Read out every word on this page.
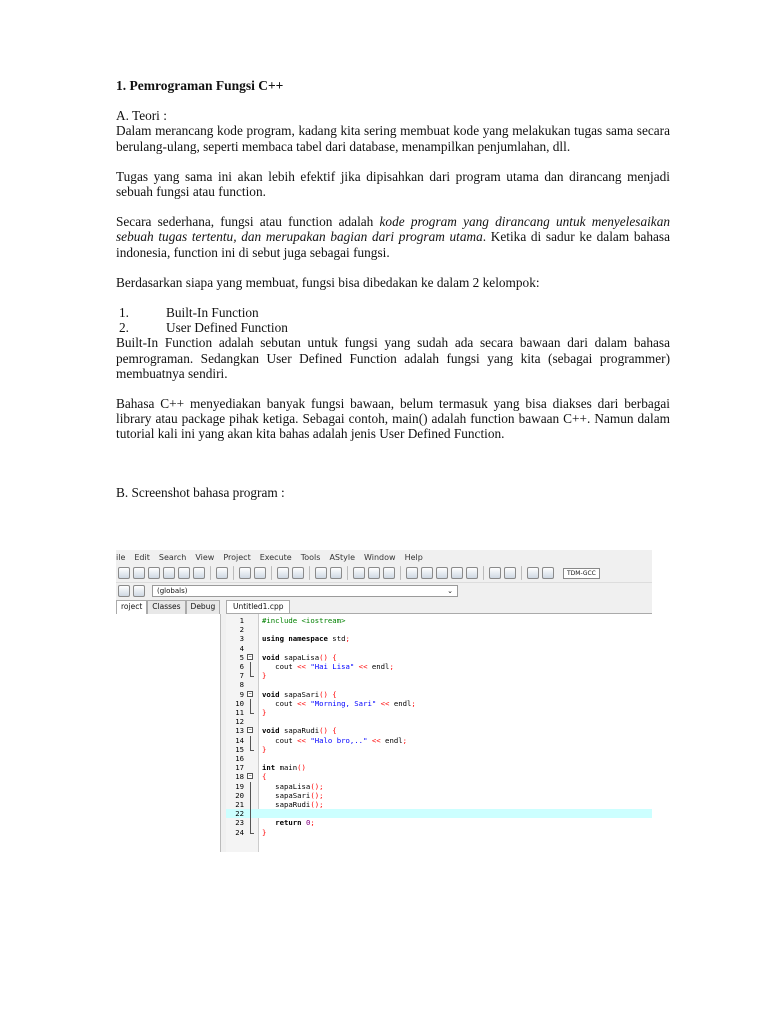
1. Pemrograman Fungsi C++

A. Teori :

Dalam merancang kode program, kadang kita sering membuat kode yang melakukan tugas sama secara berulang-ulang, seperti membaca tabel dari database, menampilkan penjumlahan, dll.

Tugas yang sama ini akan lebih efektif jika dipisahkan dari program utama dan dirancang menjadi sebuah fungsi atau function.

Secara sederhana, fungsi atau function adalah kode program yang dirancang untuk menyelesaikan sebuah tugas tertentu, dan merupakan bagian dari program utama. Ketika di sadur ke dalam bahasa indonesia, function ini di sebut juga sebagai fungsi.

Berdasarkan siapa yang membuat, fungsi bisa dibedakan ke dalam 2 kelompok:

1.	Built-In Function
2.	User Defined Function

Built-In Function adalah sebutan untuk fungsi yang sudah ada secara bawaan dari dalam bahasa pemrograman. Sedangkan User Defined Function adalah fungsi yang kita (sebagai programmer) membuatnya sendiri.

Bahasa C++ menyediakan banyak fungsi bawaan, belum termasuk yang bisa diakses dari berbagai library atau package pihak ketiga. Sebagai contoh, main() adalah function bawaan C++. Namun dalam tutorial kali ini yang akan kita bahas adalah jenis User Defined Function.

B. Screenshot bahasa program :

ile Edit Search View Project Execute Tools AStyle Window Help
TDM-GCC
(globals)	⌄
roject	Classes	Debug	Untitled1.cpp
1 #include <iostream>
2
3 using namespace std;
4
5 − void sapaLisa() {
6 cout << "Hai Lisa" << endl;
7 }
8
9 − void sapaSari() {
10 cout << "Morning, Sari" << endl;
11 }
12
13 − void sapaRudi() {
14 cout << "Halo bro,.." << endl;
15 }
16
17 int main()
18 − {
19 sapaLisa();
20 sapaSari();
21 sapaRudi();
22
23	return 0;
24 }
